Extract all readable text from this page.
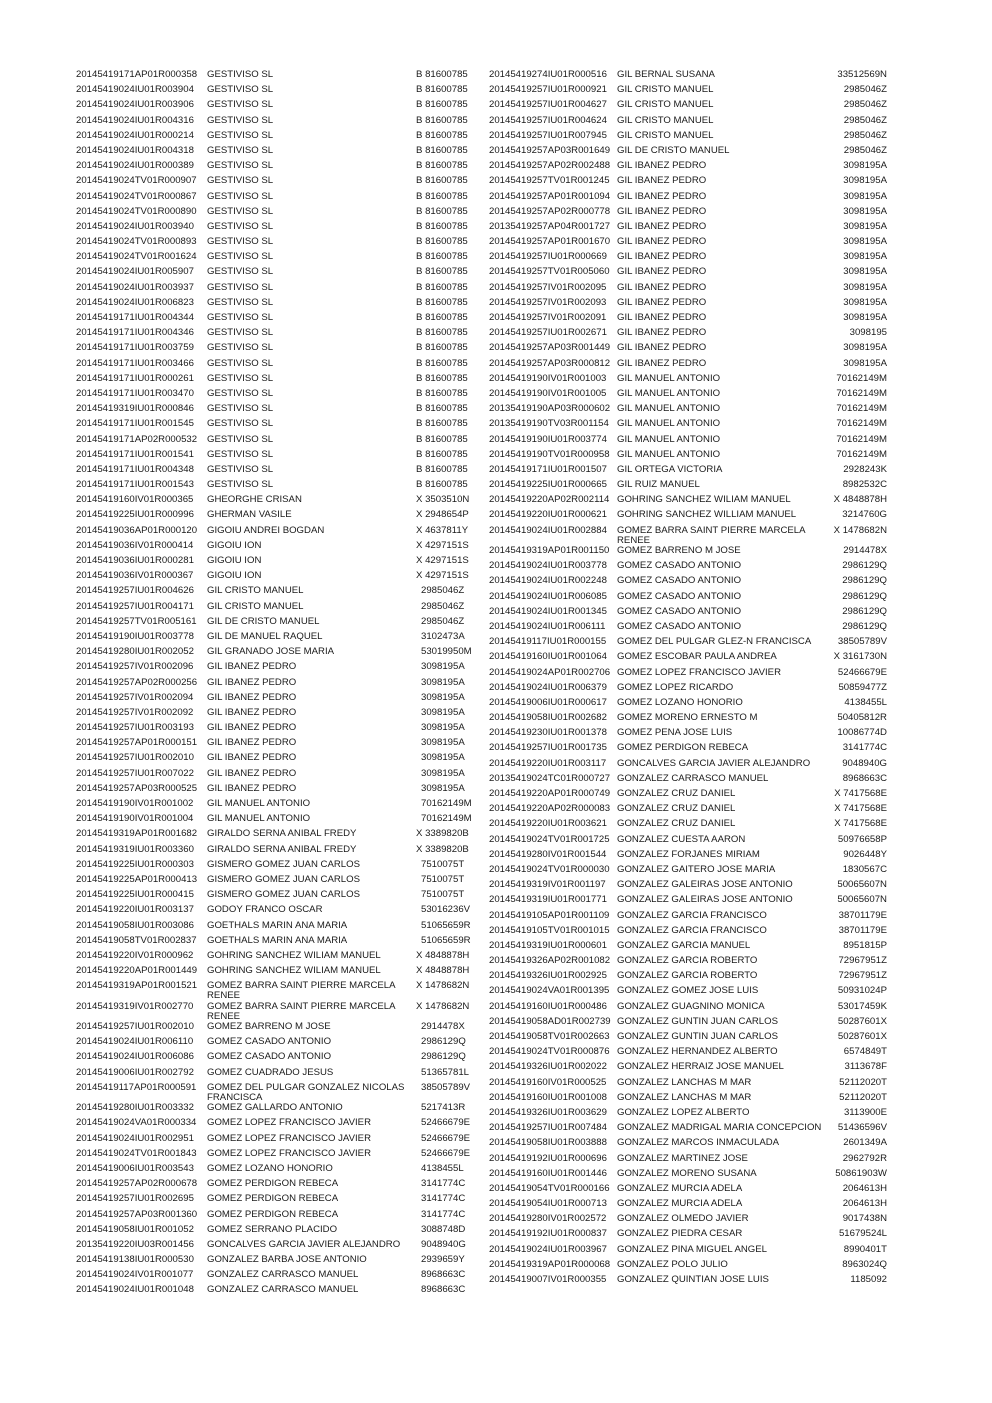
20145419171AP01R000358	GESTIVISO SL	B 81600785
20145419024IU01R003904	GESTIVISO SL	B 81600785
20145419024IU01R003906	GESTIVISO SL	B 81600785
20145419024IU01R004316	GESTIVISO SL	B 81600785
20145419024IU01R000214	GESTIVISO SL	B 81600785
20145419024IU01R004318	GESTIVISO SL	B 81600785
20145419024IU01R000389	GESTIVISO SL	B 81600785
20145419024TV01R000907	GESTIVISO SL	B 81600785
20145419024TV01R000867	GESTIVISO SL	B 81600785
20145419024TV01R000890	GESTIVISO SL	B 81600785
20145419024IU01R003940	GESTIVISO SL	B 81600785
20145419024TV01R000893	GESTIVISO SL	B 81600785
20145419024TV01R001624	GESTIVISO SL	B 81600785
20145419024IU01R005907	GESTIVISO SL	B 81600785
20145419024IU01R003937	GESTIVISO SL	B 81600785
20145419024IU01R006823	GESTIVISO SL	B 81600785
20145419171IU01R004344	GESTIVISO SL	B 81600785
20145419171IU01R004346	GESTIVISO SL	B 81600785
20145419171IU01R003759	GESTIVISO SL	B 81600785
20145419171IU01R003466	GESTIVISO SL	B 81600785
20145419171IU01R000261	GESTIVISO SL	B 81600785
20145419171IU01R003470	GESTIVISO SL	B 81600785
20145419319IU01R000846	GESTIVISO SL	B 81600785
20145419171IU01R001545	GESTIVISO SL	B 81600785
20145419171AP02R000532	GESTIVISO SL	B 81600785
20145419171IU01R001541	GESTIVISO SL	B 81600785
20145419171IU01R004348	GESTIVISO SL	B 81600785
20145419171IU01R001543	GESTIVISO SL	B 81600785
20145419160IV01R000365	GHEORGHE CRISAN	X 3503510N
20145419225IU01R000996	GHERMAN VASILE	X 2948654P
20145419036AP01R000120	GIGOIU ANDREI BOGDAN	X 4637811Y
20145419036IV01R000414	GIGOIU ION	X 4297151S
20145419036IU01R000281	GIGOIU ION	X 4297151S
20145419036IV01R000367	GIGOIU ION	X 4297151S
20145419257IU01R004626	GIL CRISTO MANUEL	2985046Z
20145419257IU01R004171	GIL CRISTO MANUEL	2985046Z
20145419257TV01R005161	GIL DE CRISTO MANUEL	2985046Z
20145419190IU01R003778	GIL DE MANUEL RAQUEL	3102473A
20145419280IU01R002052	GIL GRANADO JOSE MARIA	53019950M
20145419257IV01R002096	GIL IBAÑEZ PEDRO	3098195A
20145419257AP02R000256	GIL IBAÑEZ PEDRO	3098195A
20145419257IV01R002094	GIL IBAÑEZ PEDRO	3098195A
20145419257IV01R002092	GIL IBAÑEZ PEDRO	3098195A
20145419257IU01R003193	GIL IBAÑEZ PEDRO	3098195A
20145419257AP01R000151	GIL IBAÑEZ PEDRO	3098195A
20145419257IU01R002010	GIL IBAÑEZ PEDRO	3098195A
20145419257IU01R007022	GIL IBAÑEZ PEDRO	3098195A
20145419257AP03R000525	GIL IBAÑEZ PEDRO	3098195A
20145419190IV01R001002	GIL MANUEL ANTONIO	70162149M
20145419190IV01R001004	GIL MANUEL ANTONIO	70162149M
20145419319AP01R001682	GIRALDO SERNA ANIBAL FREDY	X 3389820B
20145419319IU01R003360	GIRALDO SERNA ANIBAL FREDY	X 3389820B
20145419225IU01R000303	GISMERO GOMEZ JUAN CARLOS	7510075T
20145419225AP01R000413	GISMERO GOMEZ JUAN CARLOS	7510075T
20145419225IU01R000415	GISMERO GOMEZ JUAN CARLOS	7510075T
20145419220IU01R003137	GODOY FRANCO OSCAR	53016236V
20145419058IU01R003086	GOETHALS MARIN ANA MARIA	51065659R
20145419058TV01R002837	GOETHALS MARIN ANA MARIA	51065659R
20145419220IV01R000962	GOHRING SANCHEZ WILIAM MANUEL	X 4848878H
20145419220AP01R001449	GOHRING SANCHEZ WILIAM MANUEL	X 4848878H
20145419319AP01R001521	GOMEZ BARRA SAINT PIERRE MARCELA RENEE
X 1478682N
20145419319IV01R002770	GOMEZ BARRA SAINT PIERRE MARCELA RENEE
X 1478682N
20145419257IU01R002010	GOMEZ BARRENO M JOSE	2914478X
20145419024IU01R006110	GOMEZ CASADO ANTONIO	2986129Q
20145419024IU01R006086	GOMEZ CASADO ANTONIO	2986129Q
20145419006IU01R002792	GOMEZ CUADRADO JESUS	51365781L
20145419117AP01R000591	GOMEZ DEL PULGAR GONZALEZ NICOLAS FRANCISCA
38505789V
20145419280IU01R003332	GOMEZ GALLARDO ANTONIO	5217413R
20145419024VA01R000334	GOMEZ LOPEZ FRANCISCO JAVIER	52466679E
20145419024IU01R002951	GOMEZ LOPEZ FRANCISCO JAVIER	52466679E
20145419024TV01R001843	GOMEZ LOPEZ FRANCISCO JAVIER	52466679E
20145419006IU01R003543	GOMEZ LOZANO HONORIO	4138455L
20145419257AP02R000678	GOMEZ PERDIGON REBECA	3141774C
20145419257IU01R002695	GOMEZ PERDIGON REBECA	3141774C
20145419257AP03R001360	GOMEZ PERDIGON REBECA	3141774C
20145419058IU01R001052	GOMEZ SERRANO PLACIDO	3088748D
20135419220IU03R001456	GONCALVES GARCIA JAVIER ALEJANDRO	9048940G
20145419138IU01R000530	GONZALEZ BARBA JOSE ANTONIO	2939659Y
20145419024IV01R001077	GONZALEZ CARRASCO MANUEL	8968663C
20145419024IU01R001048	GONZALEZ CARRASCO MANUEL	8968663C
20145419274IU01R000516	GIL BERNAL SUSANA	33512569N
20145419257IU01R000921	GIL CRISTO MANUEL	2985046Z
20145419257IU01R004627	GIL CRISTO MANUEL	2985046Z
20145419257IU01R004624	GIL CRISTO MANUEL	2985046Z
20145419257IU01R007945	GIL CRISTO MANUEL	2985046Z
20145419257AP03R001649 GIL DE CRISTO MANUEL	2985046Z
20145419257AP02R002488 GIL IBAÑEZ PEDRO	3098195A
20145419257TV01R001245 GIL IBAÑEZ PEDRO	3098195A
20145419257AP01R001094 GIL IBAÑEZ PEDRO	3098195A
20145419257AP02R000778 GIL IBAÑEZ PEDRO	3098195A
20135419257AP04R001727 GIL IBAÑEZ PEDRO	3098195A
20145419257AP01R001670 GIL IBAÑEZ PEDRO	3098195A
20145419257IU01R000669	GIL IBAÑEZ PEDRO	3098195A
20145419257TV01R005060 GIL IBAÑEZ PEDRO	3098195A
20145419257IV01R002095	GIL IBAÑEZ PEDRO	3098195A
20145419257IV01R002093	GIL IBAÑEZ PEDRO	3098195A
20145419257IV01R002091	GIL IBAÑEZ PEDRO	3098195A
20145419257IU01R002671	GIL IBAÑEZ PEDRO	3098195
20145419257AP03R001449 GIL IBAÑEZ PEDRO	3098195A
20145419257AP03R000812 GIL IBAÑEZ PEDRO	3098195A
20145419190IV01R001003	GIL MANUEL ANTONIO	70162149M
20145419190IV01R001005	GIL MANUEL ANTONIO	70162149M
20135419190AP03R000602 GIL MANUEL ANTONIO	70162149M
20135419190TV03R001154 GIL MANUEL ANTONIO	70162149M
20145419190IU01R003774	GIL MANUEL ANTONIO	70162149M
20145419190TV01R000958 GIL MANUEL ANTONIO	70162149M
20145419171IU01R001507	GIL ORTEGA VICTORIA	2928243K
20145419225IU01R000665	GIL RUIZ MANUEL	8982532C
20145419220AP02R002114 GOHRING SANCHEZ WILIAM MANUEL	X 4848878H
20145419220IU01R000621	GOHRING SANCHEZ WILLIAM MANUEL	3214760G
20145419024IU01R002884	GOMEZ BARRA SAINT PIERRE MARCELA RENEE
X 1478682N
20145419319AP01R001150 GOMEZ BARRENO M JOSE	2914478X
20145419024IU01R003778	GOMEZ CASADO ANTONIO	2986129Q
20145419024IU01R002248	GOMEZ CASADO ANTONIO	2986129Q
20145419024IU01R006085	GOMEZ CASADO ANTONIO	2986129Q
20145419024IU01R001345	GOMEZ CASADO ANTONIO	2986129Q
20145419024IU01R006111	GOMEZ CASADO ANTONIO	2986129Q
20145419117IU01R000155	GOMEZ DEL PULGAR GLEZ-N FRANCISCA	38505789V
20145419160IU01R001064	GOMEZ ESCOBAR PAULA ANDREA	X 3161730N
20145419024AP01R002706 GOMEZ LOPEZ FRANCISCO JAVIER	52466679E
20145419024IU01R006379	GOMEZ LOPEZ RICARDO	50859477Z
20145419006IU01R000617	GOMEZ LOZANO HONORIO	4138455L
20145419058IU01R002682	GOMEZ MORENO ERNESTO M	50405812R
20145419230IU01R001378	GOMEZ PENA JOSE LUIS	10086774D
20145419257IU01R001735	GOMEZ PERDIGON REBECA	3141774C
20145419220IU01R003117	GONCALVES GARCIA JAVIER ALEJANDRO	9048940G
20135419024TC01R000727 GONZALEZ CARRASCO MANUEL	8968663C
20145419220AP01R000749 GONZALEZ CRUZ DANIEL	X 7417568E
20145419220AP02R000083 GONZALEZ CRUZ DANIEL	X 7417568E
20145419220IU01R003621	GONZALEZ CRUZ DANIEL	X 7417568E
20145419024TV01R001725 GONZALEZ CUESTA AARON	50976658P
20145419280IV01R001544	GONZALEZ FORJANES MIRIAM	9026448Y
20145419024TV01R000030 GONZALEZ GAITERO JOSE MARIA	1830567C
20145419319IV01R001197	GONZALEZ GALEIRAS JOSE ANTONIO	50065607N
20145419319IU01R001771	GONZALEZ GALEIRAS JOSE ANTONIO	50065607N
20145419105AP01R001109 GONZALEZ GARCIA FRANCISCO	38701179E
20145419105TV01R001015 GONZALEZ GARCIA FRANCISCO	38701179E
20145419319IU01R000601	GONZALEZ GARCIA MANUEL	8951815P
20145419326AP02R001082 GONZALEZ GARCIA ROBERTO	72967951Z
20145419326IU01R002925	GONZALEZ GARCIA ROBERTO	72967951Z
20145419024VA01R001395 GONZALEZ GOMEZ JOSE LUIS	50931024P
20145419160IU01R000486	GONZALEZ GUAGNINO MONICA	53017459K
20145419058AD01R002739 GONZALEZ GUNTIN JUAN CARLOS	50287601X
20145419058TV01R002663 GONZALEZ GUNTIN JUAN CARLOS	50287601X
20145419024TV01R000876 GONZALEZ HERNANDEZ ALBERTO	6574849T
20145419326IU01R002022	GONZALEZ HERRAIZ JOSE MANUEL	3113678F
20145419160IV01R000525	GONZALEZ LANCHAS M MAR	52112020T
20145419160IU01R001008	GONZALEZ LANCHAS M MAR	52112020T
20145419326IU01R003629	GONZALEZ LOPEZ ALBERTO	3113900E
20145419257IU01R007484	GONZALEZ MADRIGAL MARIA CONCEPCION	51436596V
20145419058IU01R003888	GONZALEZ MARCOS INMACULADA	2601349A
20145419192IU01R000696	GONZALEZ MARTINEZ JOSE	2962792R
20145419160IU01R001446	GONZALEZ MORENO SUSANA	50861903W
20145419054TV01R000166 GONZALEZ MURCIA ADELA	2064613H
20145419054IU01R000713	GONZALEZ MURCIA ADELA	2064613H
20145419280IV01R002572	GONZALEZ OLMEDO JAVIER	9017438N
20145419192IU01R000837	GONZALEZ PIEDRA CESAR	51679524L
20145419024IU01R003967	GONZALEZ PINA MIGUEL ANGEL	8990401T
20145419319AP01R000068 GONZALEZ POLO JULIO	8963024Q
20145419007IV01R000355	GONZALEZ QUINTIAN JOSE LUIS	1185092
